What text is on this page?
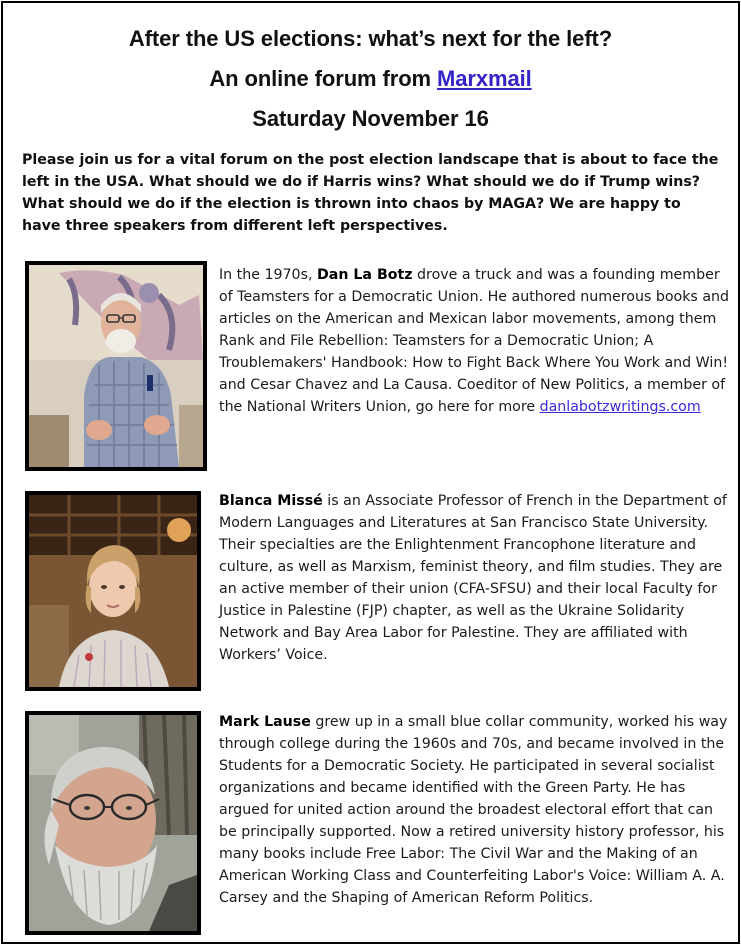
After the US elections: what’s next for the left?
An online forum from Marxmail
Saturday November 16
Please join us for a vital forum on the post election landscape that is about to face the left in the USA. What should we do if Harris wins? What should we do if Trump wins? What should we do if the election is thrown into chaos by MAGA? We are happy to have three speakers from different left perspectives.
In the 1970s, Dan La Botz drove a truck and was a founding member of Teamsters for a Democratic Union. He authored numerous books and articles on the American and Mexican labor movements, among them Rank and File Rebellion: Teamsters for a Democratic Union; A Troublemakers' Handbook: How to Fight Back Where You Work and Win! and Cesar Chavez and La Causa. Coeditor of New Politics, a member of the National Writers Union, go here for more danlabotzwritings.com
Blanca Missé is an Associate Professor of French in the Department of Modern Languages and Literatures at San Francisco State University. Their specialties are the Enlightenment Francophone literature and culture, as well as Marxism, feminist theory, and film studies. They are an active member of their union (CFA-SFSU) and their local Faculty for Justice in Palestine (FJP) chapter, as well as the Ukraine Solidarity Network and Bay Area Labor for Palestine. They are affiliated with Workers’ Voice.
Mark Lause grew up in a small blue collar community, worked his way through college during the 1960s and 70s, and became involved in the Students for a Democratic Society. He participated in several socialist organizations and became identified with the Green Party. He has argued for united action around the broadest electoral effort that can be principally supported. Now a retired university history professor, his many books include Free Labor: The Civil War and the Making of an American Working Class and Counterfeiting Labor's Voice: William A. A. Carsey and the Shaping of American Reform Politics.
